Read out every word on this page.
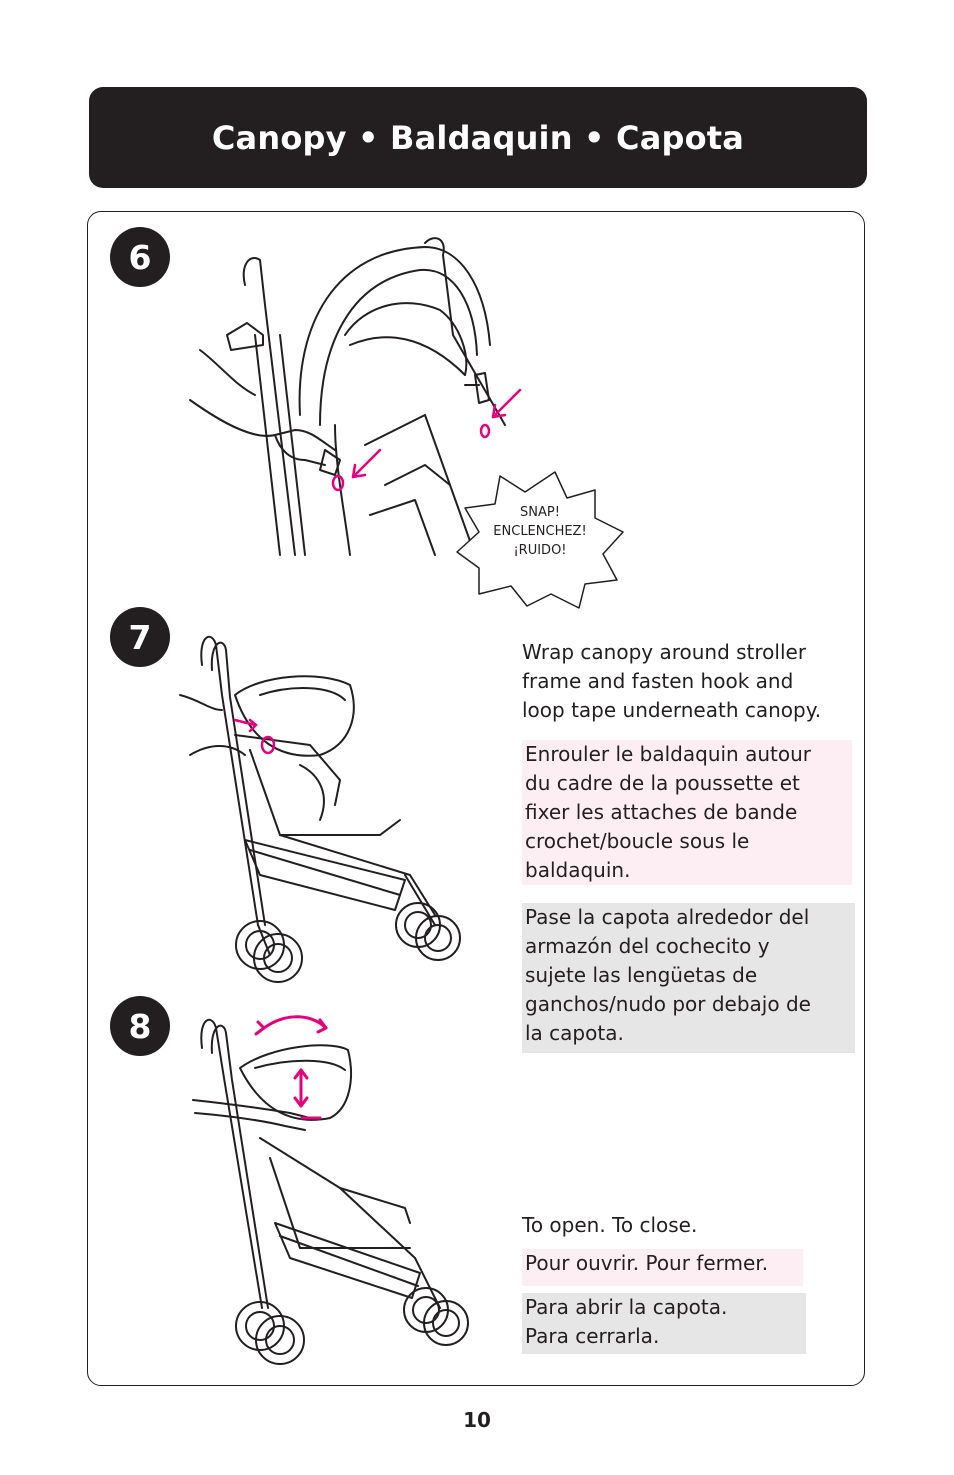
Canopy • Baldaquin • Capota
6
SNAP!
ENCLENCHEZ!
¡RUIDO!
7	Wrap canopy around stroller
frame and fasten hook and
loop tape underneath canopy.
Enrouler le baldaquin autour
du cadre de la poussette et
fixer les attaches de bande
crochet/boucle sous le
baldaquin.
Pase la capota alrededor del
armazón del cochecito y
sujete las lengüetas de
ganchos/nudo por debajo de
la capota.
8
To open. To close.
Pour ouvrir. Pour fermer.
Para abrir la capota.
Para cerrarla.
10
